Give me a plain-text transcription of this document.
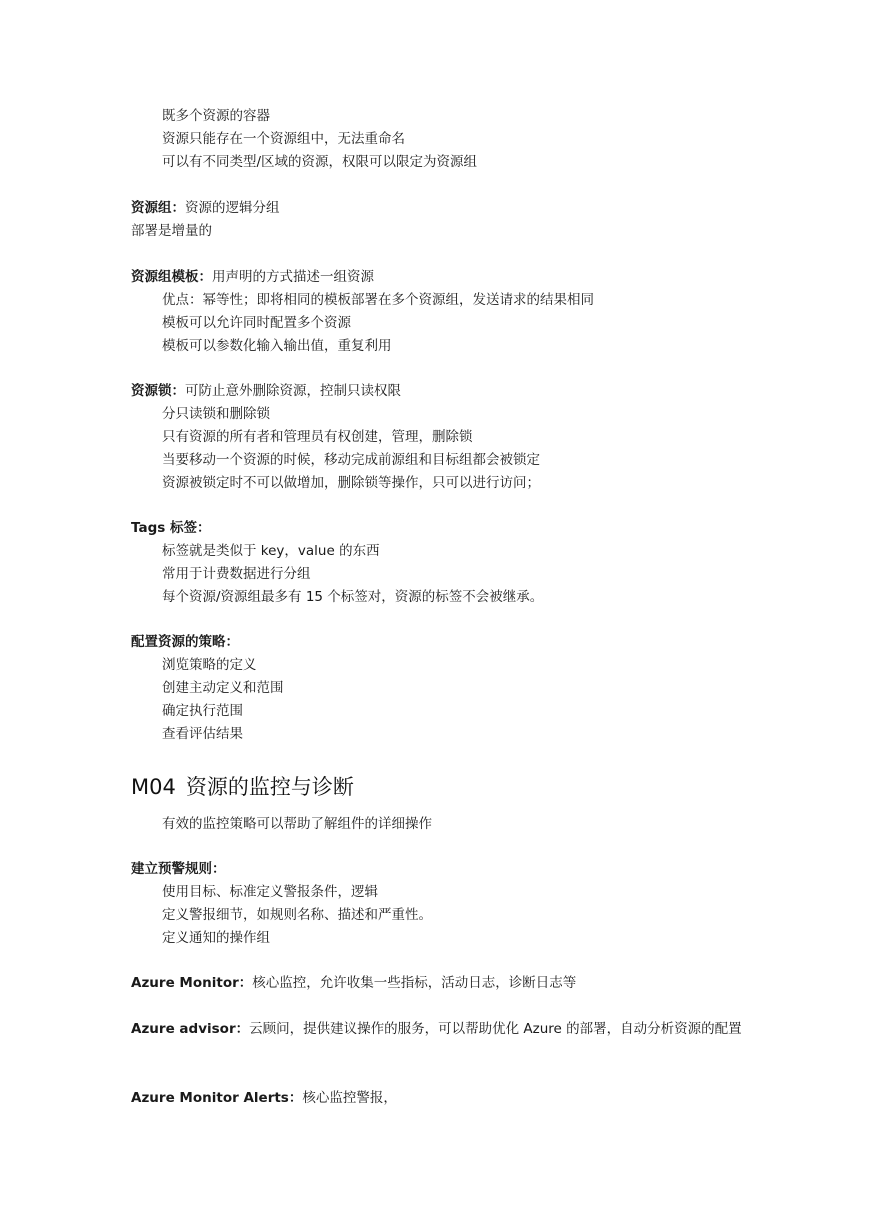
既多个资源的容器
资源只能存在一个资源组中，无法重命名
可以有不同类型/区域的资源，权限可以限定为资源组
资源组：资源的逻辑分组
部署是增量的
资源组模板：用声明的方式描述一组资源
优点：幂等性；即将相同的模板部署在多个资源组，发送请求的结果相同
模板可以允许同时配置多个资源
模板可以参数化输入输出值，重复利用
资源锁：可防止意外删除资源，控制只读权限
分只读锁和删除锁
只有资源的所有者和管理员有权创建，管理，删除锁
当要移动一个资源的时候，移动完成前源组和目标组都会被锁定
资源被锁定时不可以做增加，删除锁等操作，只可以进行访问；
Tags 标签：
标签就是类似于 key，value 的东西
常用于计费数据进行分组
每个资源/资源组最多有 15 个标签对，资源的标签不会被继承。
配置资源的策略：
浏览策略的定义
创建主动定义和范围
确定执行范围
查看评估结果
M04 资源的监控与诊断
有效的监控策略可以帮助了解组件的详细操作
建立预警规则：
使用目标、标准定义警报条件，逻辑
定义警报细节，如规则名称、描述和严重性。
定义通知的操作组
Azure Monitor：核心监控，允许收集一些指标，活动日志，诊断日志等
Azure advisor：云顾问，提供建议操作的服务，可以帮助优化 Azure 的部署，自动分析资源的配置
Azure Monitor Alerts：核心监控警报，
